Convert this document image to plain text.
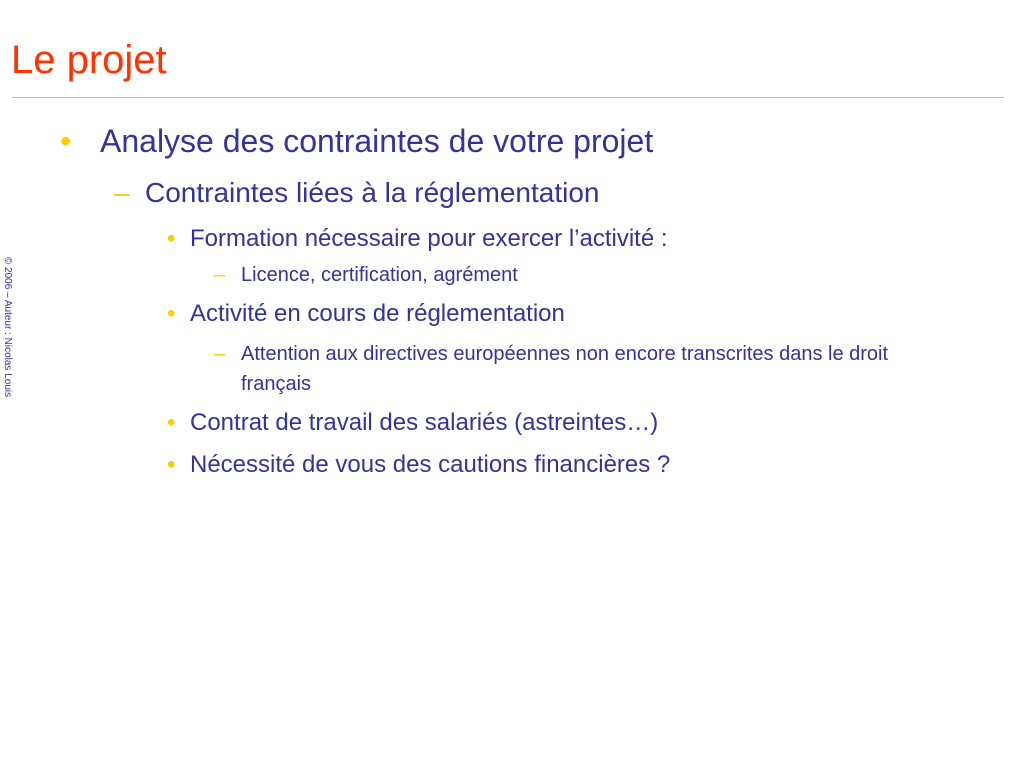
Le projet
© 2006 – Auteur : Nicolas Louis
• Analyse des contraintes de votre projet
– Contraintes liées à la réglementation
• Formation nécessaire pour exercer l’activité :
– Licence, certification, agrément
• Activité en cours de réglementation
– Attention aux directives européennes non encore transcrites dans le droit français
• Contrat de travail des salariés (astreintes…)
• Nécessité de vous des cautions financières ?
